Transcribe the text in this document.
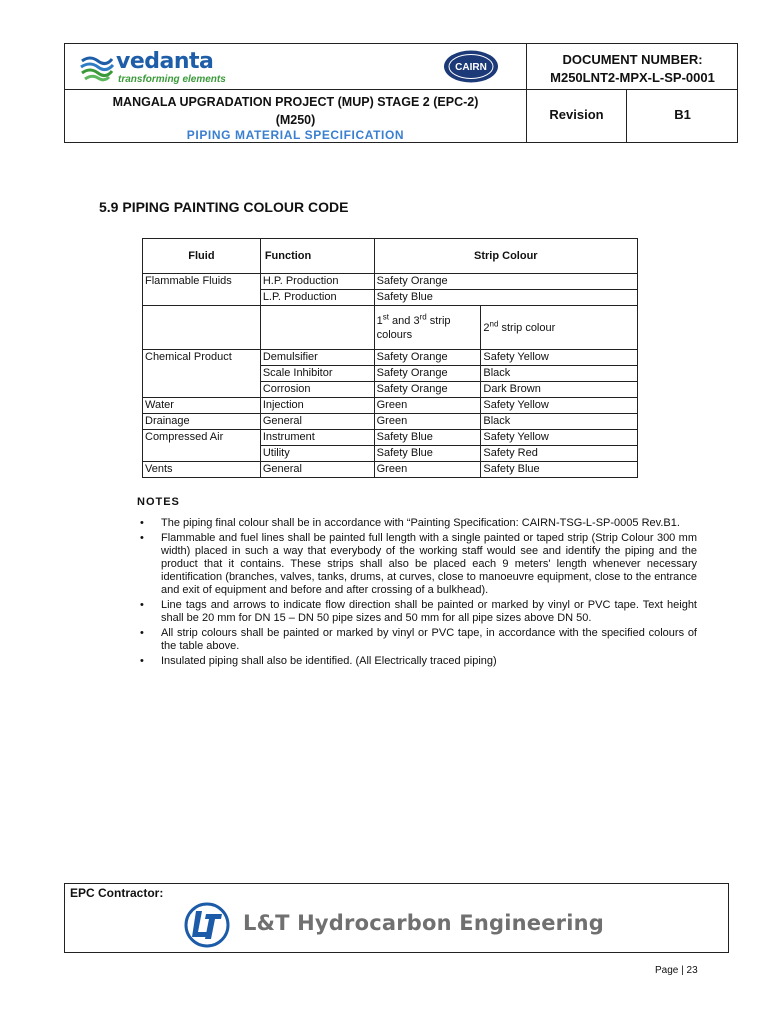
vedanta
transforming elements
CAIRN
MANGALA UPGRADATION PROJECT (MUP) STAGE 2 (EPC-2)
(M250)
PIPING MATERIAL SPECIFICATION
DOCUMENT NUMBER:
M250LNT2-MPX-L-SP-0001
Revision	B1
5.9 PIPING PAINTING COLOUR CODE
Fluid	Function	Strip Colour	
Flammable Fluids	H.P. Production	Safety Orange	
	L.P. Production	Safety Blue	
		1st and 3rd strip colours	2nd strip colour
Chemical Product	Demulsifier	Safety Orange	Safety Yellow
	Scale Inhibitor	Safety Orange	Black
	Corrosion	Safety Orange	Dark Brown
Water	Injection	Green	Safety Yellow
Drainage	General	Green	Black
Compressed Air	Instrument	Safety Blue	Safety Yellow
	Utility	Safety Blue	Safety Red
Vents	General	Green	Safety Blue
NOTES
• The piping final colour shall be in accordance with “Painting Specification: CAIRN-TSG-L-SP-0005 Rev.B1.
• Flammable and fuel lines shall be painted full length with a single painted or taped strip (Strip Colour 300 mm width) placed in such a way that everybody of the working staff would see and identify the piping and the product that it contains. These strips shall also be placed each 9 meters' length whenever necessary identification (branches, valves, tanks, drums, at curves, close to manoeuvre equipment, close to the entrance and exit of equipment and before and after crossing of a bulkhead).
• Line tags and arrows to indicate flow direction shall be painted or marked by vinyl or PVC tape. Text height shall be 20 mm for DN 15 – DN 50 pipe sizes and 50 mm for all pipe sizes above DN 50.
• All strip colours shall be painted or marked by vinyl or PVC tape, in accordance with the specified colours of the table above.
• Insulated piping shall also be identified. (All Electrically traced piping)
EPC Contractor:
L&T Hydrocarbon Engineering
Page | 23
